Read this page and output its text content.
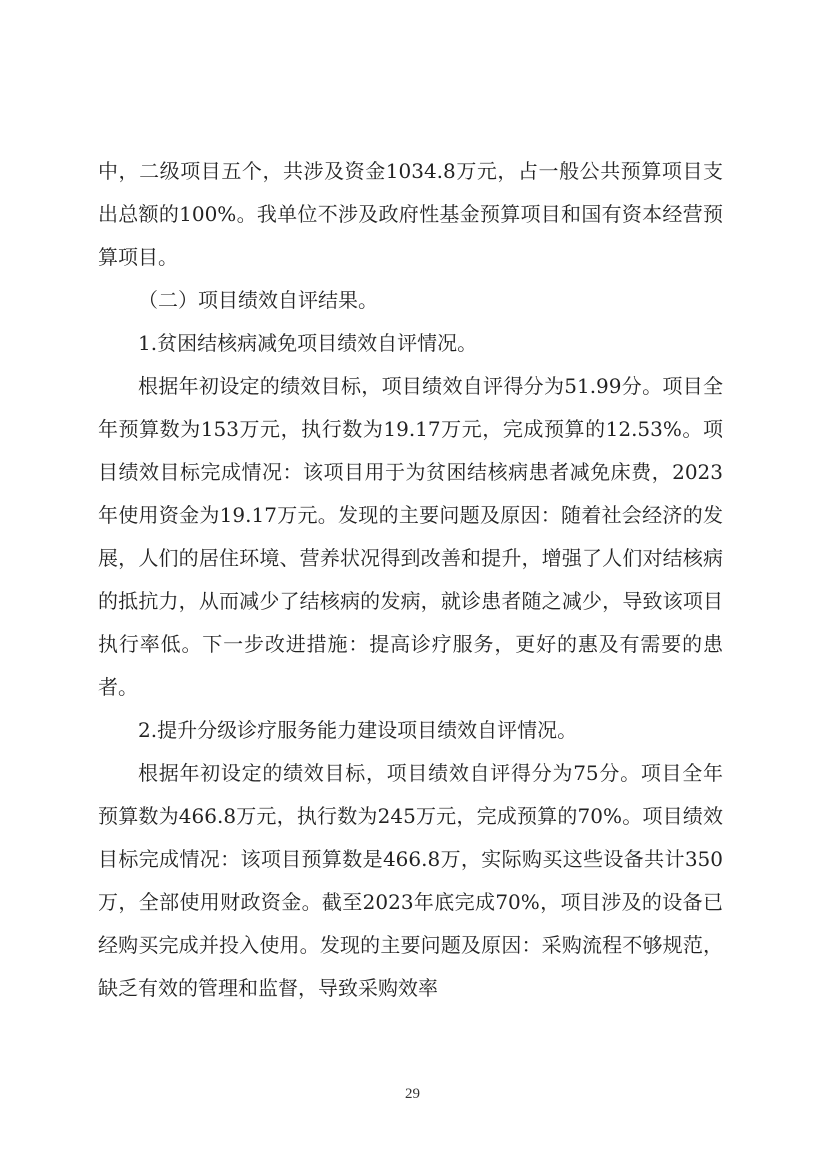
中，二级项目五个，共涉及资金1034.8万元，占一般公共预算项目支出总额的100%。我单位不涉及政府性基金预算项目和国有资本经营预算项目。

（二）项目绩效自评结果。

1.贫困结核病减免项目绩效自评情况。

根据年初设定的绩效目标，项目绩效自评得分为51.99分。项目全年预算数为153万元，执行数为19.17万元，完成预算的12.53%。项目绩效目标完成情况：该项目用于为贫困结核病患者减免床费，2023年使用资金为19.17万元。发现的主要问题及原因：随着社会经济的发展，人们的居住环境、营养状况得到改善和提升，增强了人们对结核病的抵抗力，从而减少了结核病的发病，就诊患者随之减少，导致该项目执行率低。下一步改进措施：提高诊疗服务，更好的惠及有需要的患者。

2.提升分级诊疗服务能力建设项目绩效自评情况。

根据年初设定的绩效目标，项目绩效自评得分为75分。项目全年预算数为466.8万元，执行数为245万元，完成预算的70%。项目绩效目标完成情况：该项目预算数是466.8万，实际购买这些设备共计350万，全部使用财政资金。截至2023年底完成70%，项目涉及的设备已经购买完成并投入使用。发现的主要问题及原因：采购流程不够规范，缺乏有效的管理和监督，导致采购效率

29
